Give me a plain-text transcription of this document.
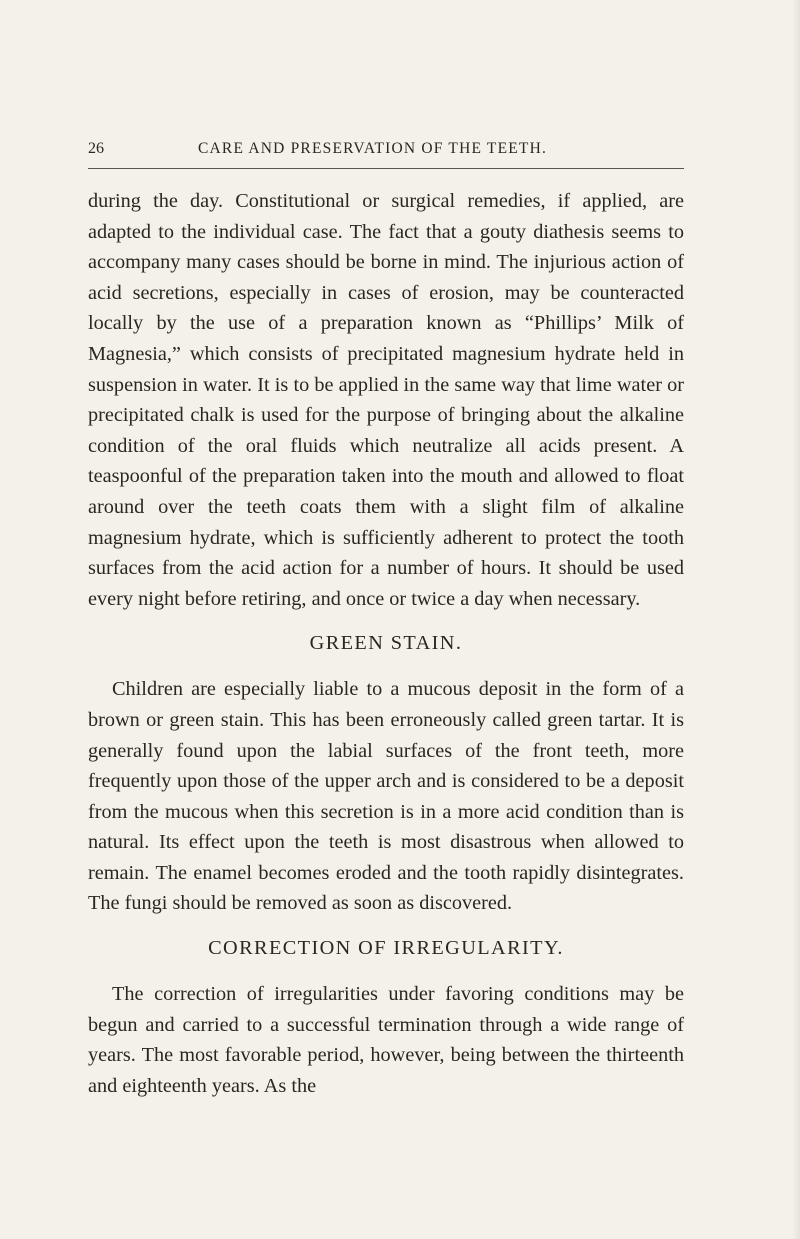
26	CARE AND PRESERVATION OF THE TEETH.

during the day. Constitutional or surgical remedies, if applied, are adapted to the individual case. The fact that a gouty diathesis seems to accompany many cases should be borne in mind. The injurious action of acid secretions, especially in cases of erosion, may be counteracted locally by the use of a preparation known as “Phillips’ Milk of Magnesia,” which consists of precipitated magnesium hydrate held in suspension in water. It is to be applied in the same way that lime water or precipitated chalk is used for the purpose of bringing about the alkaline condition of the oral fluids which neutralize all acids present. A teaspoonful of the preparation taken into the mouth and allowed to float around over the teeth coats them with a slight film of alkaline magnesium hydrate, which is sufficiently adherent to protect the tooth surfaces from the acid action for a number of hours. It should be used every night before retiring, and once or twice a day when necessary.

GREEN STAIN.

Children are especially liable to a mucous deposit in the form of a brown or green stain. This has been erroneously called green tartar. It is generally found upon the labial surfaces of the front teeth, more frequently upon those of the upper arch and is considered to be a deposit from the mucous when this secretion is in a more acid condition than is natural. Its effect upon the teeth is most disastrous when allowed to remain. The enamel becomes eroded and the tooth rapidly disintegrates. The fungi should be removed as soon as discovered.

CORRECTION OF IRREGULARITY.

The correction of irregularities under favoring conditions may be begun and carried to a successful termination through a wide range of years. The most favorable period, however, being between the thirteenth and eighteenth years. As the
